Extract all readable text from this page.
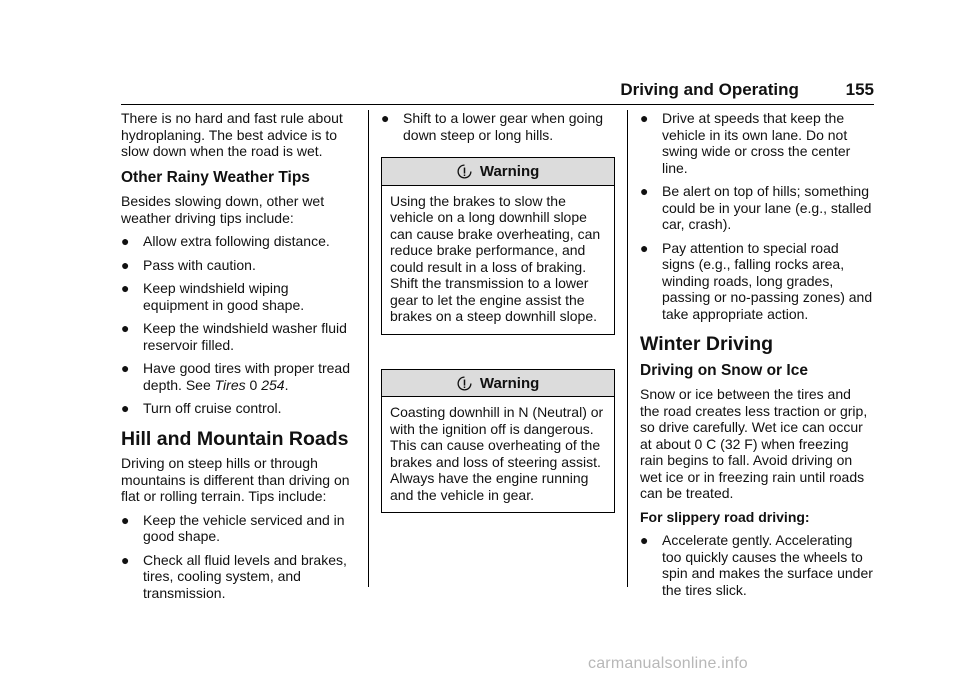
Driving and Operating	155

There is no hard and fast rule about hydroplaning. The best advice is to slow down when the road is wet.

Other Rainy Weather Tips

Besides slowing down, other wet weather driving tips include:

● Allow extra following distance.
● Pass with caution.
● Keep windshield wiping equipment in good shape.
● Keep the windshield washer fluid reservoir filled.
● Have good tires with proper tread depth. See Tires 0 254.
● Turn off cruise control.
Hill and Mountain Roads

Driving on steep hills or through mountains is different than driving on flat or rolling terrain. Tips include:

● Keep the vehicle serviced and in good shape.
● Check all fluid levels and brakes, tires, cooling system, and transmission.
● Shift to a lower gear when going down steep or long hills.
Warning
Using the brakes to slow the vehicle on a long downhill slope can cause brake overheating, can reduce brake performance, and could result in a loss of braking. Shift the transmission to a lower gear to let the engine assist the brakes on a steep downhill slope.
Warning
Coasting downhill in N (Neutral) or with the ignition off is dangerous. This can cause overheating of the brakes and loss of steering assist. Always have the engine running and the vehicle in gear.
● Drive at speeds that keep the vehicle in its own lane. Do not swing wide or cross the center line.
● Be alert on top of hills; something could be in your lane (e.g., stalled car, crash).
● Pay attention to special road signs (e.g., falling rocks area, winding roads, long grades, passing or no-passing zones) and take appropriate action.
Winter Driving
Driving on Snow or Ice

Snow or ice between the tires and the road creates less traction or grip, so drive carefully. Wet ice can occur at about 0 C (32 F) when freezing rain begins to fall. Avoid driving on wet ice or in freezing rain until roads can be treated.

For slippery road driving:

● Accelerate gently. Accelerating too quickly causes the wheels to spin and makes the surface under the tires slick.
carmanualsonline.info
